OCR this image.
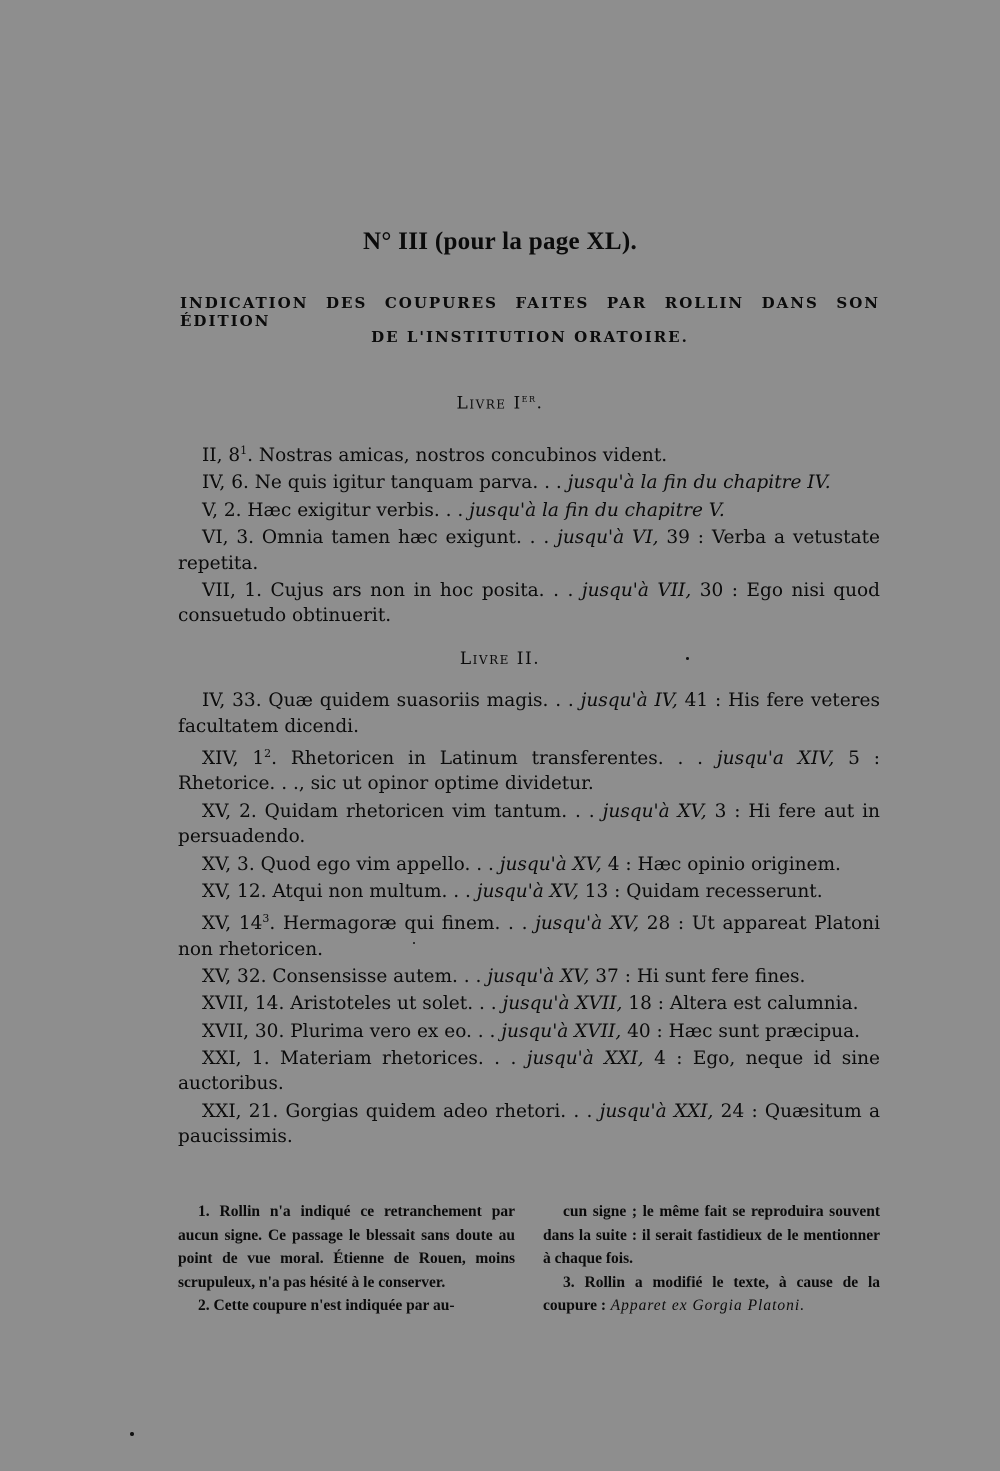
N° III (pour la page XL).
INDICATION DES COUPURES FAITES PAR ROLLIN DANS SON ÉDITION
DE L'INSTITUTION ORATOIRE.
Livre Ier.

II, $8^1$. Nostras amicas, nostros concubinos vident.

IV, 6. Ne quis igitur tanquam parva. . . jusqu'à la fin du chapitre IV.

V, 2. Hæc exigitur verbis. . . jusqu'à la fin du chapitre V.

VI, 3. Omnia tamen hæc exigunt. . . jusqu'à VI, 39 : Verba a vetustate repetita.

VII, 1. Cujus ars non in hoc posita. . . jusqu'à VII, 30 : Ego nisi quod consuetudo obtinuerit.

Livre II.

IV, 33. Quæ quidem suasoriis magis. . . jusqu'à IV, 41 : His fere veteres facultatem dicendi.

XIV, $1^2$. Rhetoricen in Latinum transferentes. . . jusqu'a XIV, 5 : Rhetorice. . ., sic ut opinor optime dividetur.

XV, 2. Quidam rhetoricen vim tantum. . . jusqu'à XV, 3 : Hi fere aut in persuadendo.

XV, 3. Quod ego vim appello. . . jusqu'à XV, 4 : Hæc opinio originem.

XV, 12. Atqui non multum. . . jusqu'à XV, 13 : Quidam recesserunt.

XV, $14^3$. Hermagoræ qui finem. . . jusqu'à XV, 28 : Ut appareat Platoni non rhetoricen.

XV, 32. Consensisse autem. . . jusqu'à XV, 37 : Hi sunt fere fines.

XVII, 14. Aristoteles ut solet. . . jusqu'à XVII, 18 : Altera est calumnia.

XVII, 30. Plurima vero ex eo. . . jusqu'à XVII, 40 : Hæc sunt præcipua.

XXI, 1. Materiam rhetorices. . . jusqu'à XXI, 4 : Ego, neque id sine auctoribus.

XXI, 21. Gorgias quidem adeo rhetori. . . jusqu'à XXI, 24 : Quæsitum a paucissimis.

1. Rollin n'a indiqué ce retranchement par aucun signe. Ce passage le blessait sans doute au point de vue moral. Étienne de Rouen, moins scrupuleux, n'a pas hésité à le conserver.

2. Cette coupure n'est indiquée par au-

cun signe ; le même fait se reproduira souvent dans la suite : il serait fastidieux de le mentionner à chaque fois.

3. Rollin a modifié le texte, à cause de la coupure : Apparet ex Gorgia Platoni.
